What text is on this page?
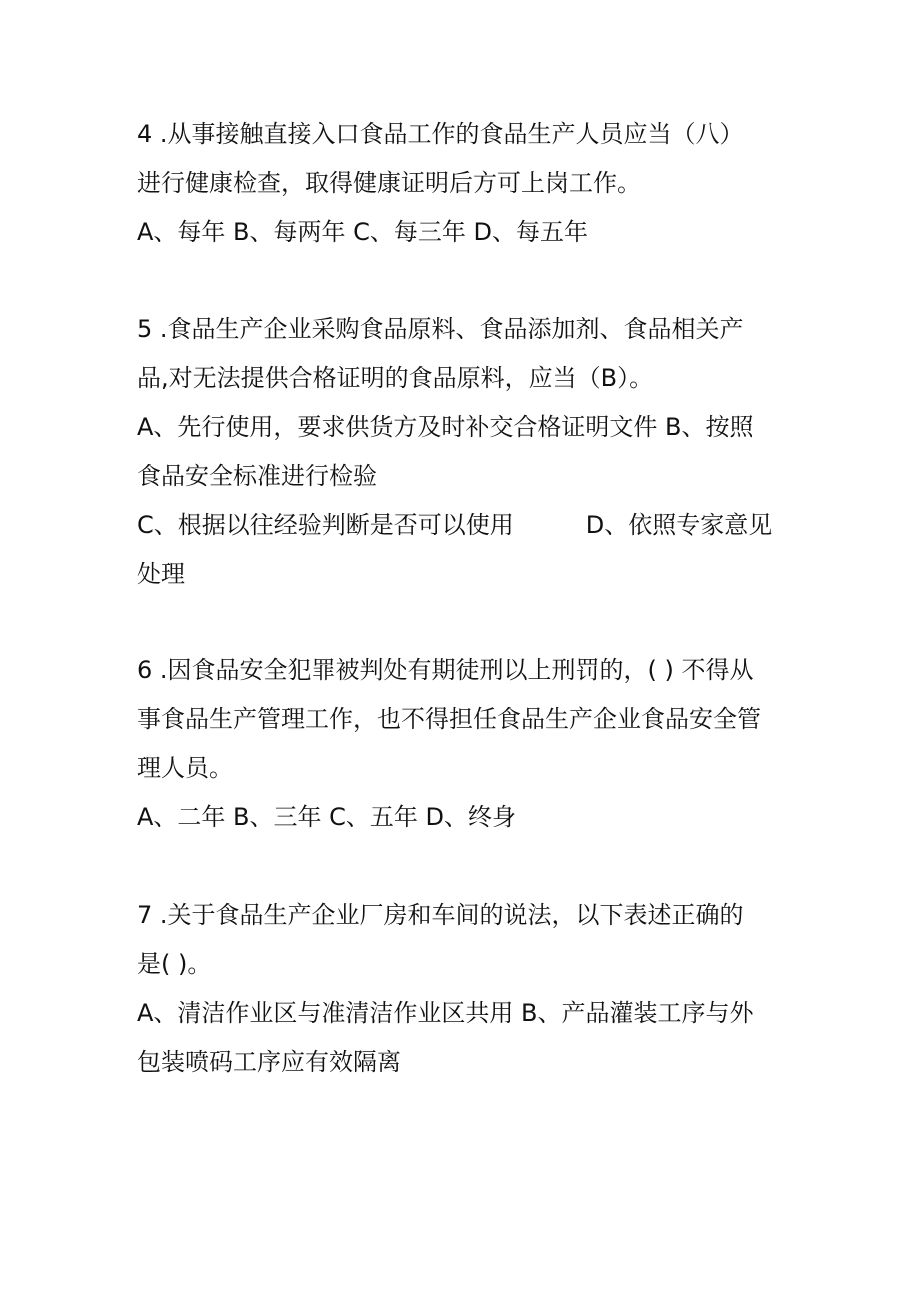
4 .从事接触直接入口食品工作的食品生产人员应当（八）
进行健康检查，取得健康证明后方可上岗工作。
A、每年 B、每两年 C、每三年 D、每五年
5 .食品生产企业采购食品原料、食品添加剂、食品相关产
品,对无法提供合格证明的食品原料，应当（B）。
A、先行使用，要求供货方及时补交合格证明文件 B、按照
食品安全标准进行检验
C、根据以往经验判断是否可以使用　　　D、依照专家意见
处理
6 .因食品安全犯罪被判处有期徒刑以上刑罚的，( ) 不得从
事食品生产管理工作，也不得担任食品生产企业食品安全管
理人员。
A、二年 B、三年 C、五年 D、终身
7 .关于食品生产企业厂房和车间的说法，以下表述正确的
是( )。
A、清洁作业区与准清洁作业区共用 B、产品灌装工序与外
包装喷码工序应有效隔离
